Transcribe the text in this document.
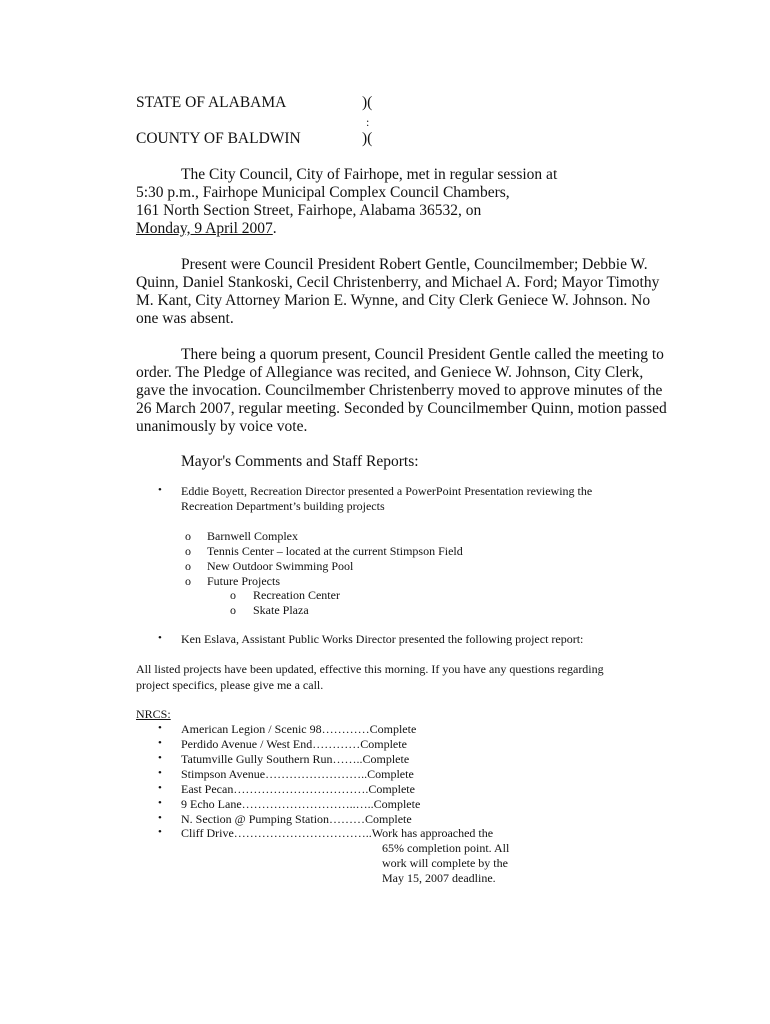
STATE OF ALABAMA	)(
:
COUNTY OF BALDWIN	)(
The City Council, City of Fairhope, met in regular session at
5:30 p.m., Fairhope Municipal Complex Council Chambers,
161 North Section Street, Fairhope, Alabama 36532, on
Monday, 9 April 2007.
Present were Council President Robert Gentle, Councilmember; Debbie W.
Quinn, Daniel Stankoski, Cecil Christenberry, and Michael A. Ford; Mayor Timothy
M. Kant, City Attorney Marion E. Wynne, and City Clerk Geniece W. Johnson. No
one was absent.
There being a quorum present, Council President Gentle called the meeting to
order. The Pledge of Allegiance was recited, and Geniece W. Johnson, City Clerk,
gave the invocation. Councilmember Christenberry moved to approve minutes of the
26 March 2007, regular meeting. Seconded by Councilmember Quinn, motion passed
unanimously by voice vote.
Mayor's Comments and Staff Reports:
• Eddie Boyett, Recreation Director presented a PowerPoint Presentation reviewing the
Recreation Department’s building projects
o Barnwell Complex
o Tennis Center – located at the current Stimpson Field
o New Outdoor Swimming Pool
o Future Projects
o Recreation Center
o Skate Plaza
• Ken Eslava, Assistant Public Works Director presented the following project report:
All listed projects have been updated, effective this morning. If you have any questions regarding
project specifics, please give me a call.
NRCS:
• American Legion / Scenic 98…………Complete
• Perdido Avenue / West End…………Complete
• Tatumville Gully Southern Run……..Complete
• Stimpson Avenue……………………..Complete
• East Pecan…………………………….Complete
• 9 Echo Lane………………………..…..Complete
• N. Section @ Pumping Station………Complete
• Cliff Drive……………………………..Work has approached the
65% completion point. All
work will complete by the
May 15, 2007 deadline.
